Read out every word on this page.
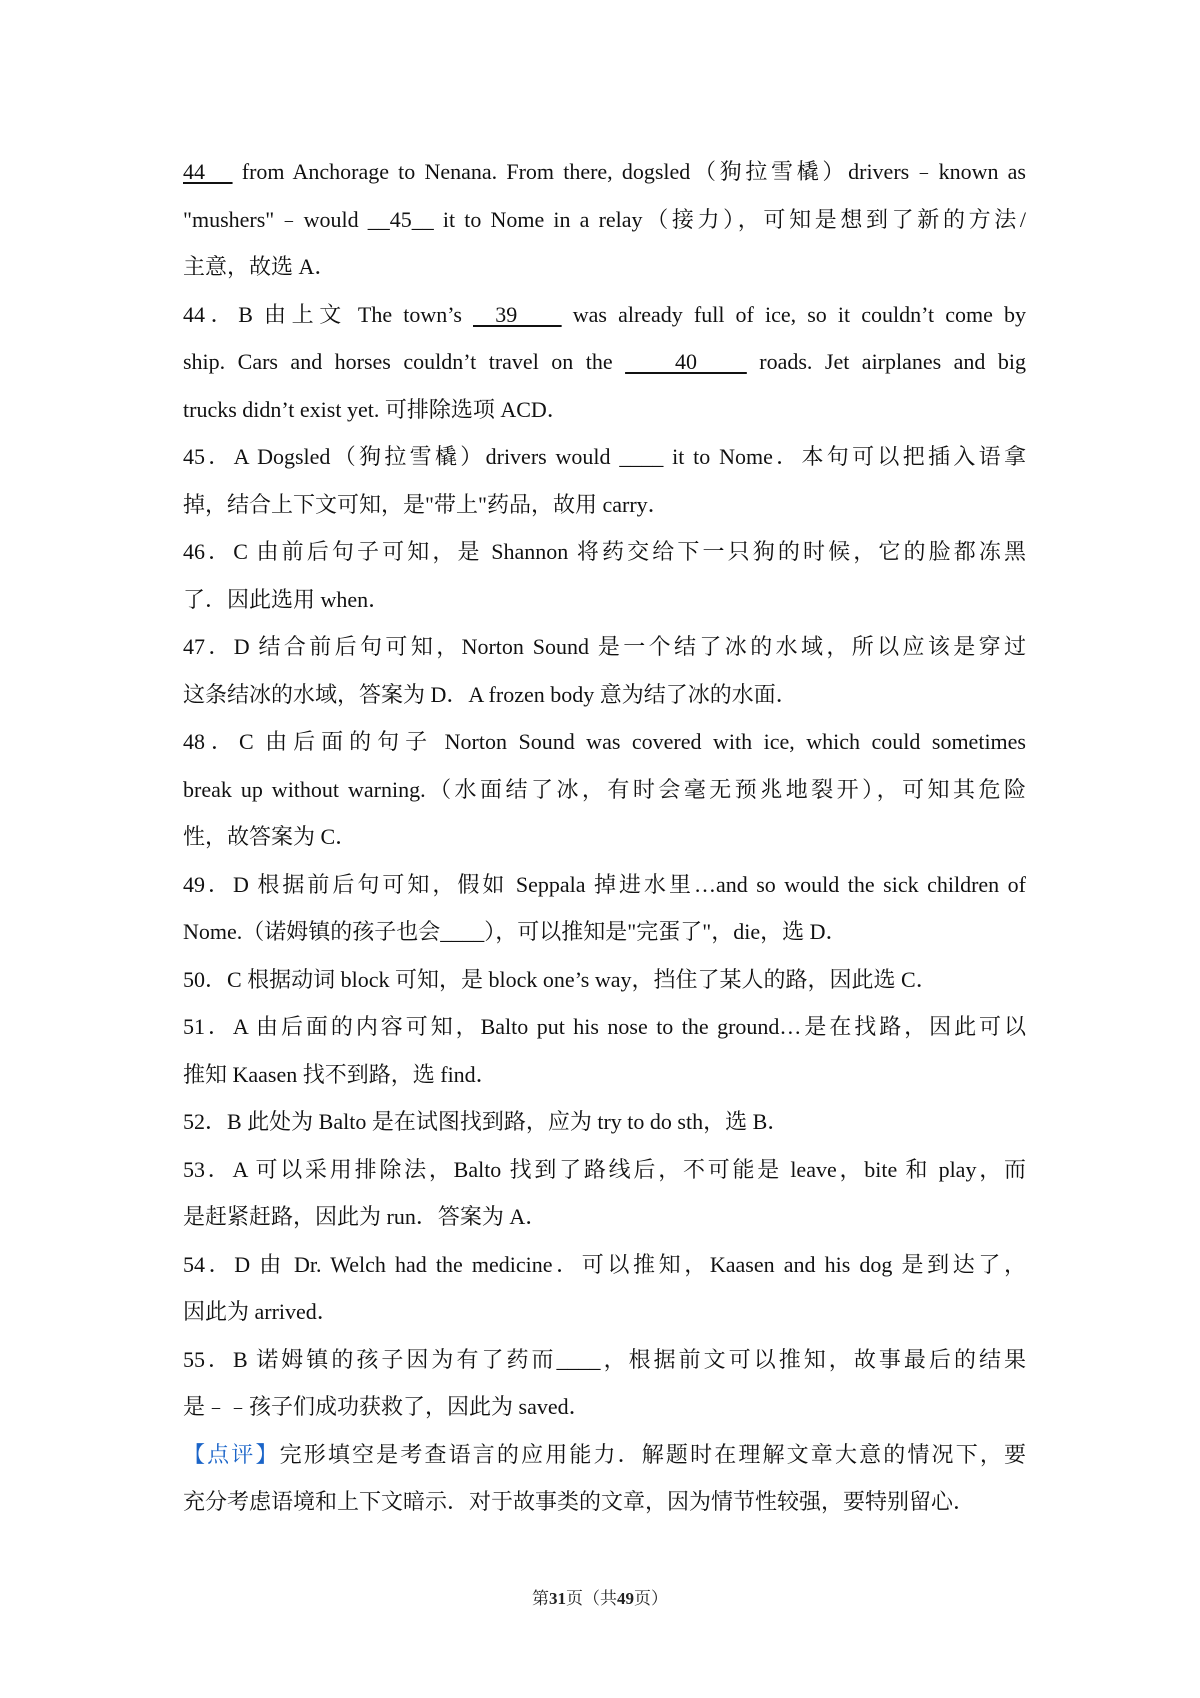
44    from Anchorage to Nenana. From there, dogsled（狗拉雪橇）drivers﹣known as
"mushers"﹣would __45__ it to Nome in a relay（接力），可知是想到了新的方法/
主意，故选 A．
44．B 由上文 The town’s   39     was already full of ice, so it couldn’t come by
ship. Cars and horses couldn’t travel on the     40     roads. Jet airplanes and big
trucks didn’t exist yet. 可排除选项 ACD．
45．A Dogsled（狗拉雪橇）drivers would ____ it to Nome．本句可以把插入语拿
掉，结合上下文可知，是"带上"药品，故用 carry．
46．C 由前后句子可知，是 Shannon 将药交给下一只狗的时候，它的脸都冻黑
了．因此选用 when．
47．D 结合前后句可知，Norton Sound 是一个结了冰的水域，所以应该是穿过
这条结冰的水域，答案为 D．A frozen body 意为结了冰的水面．
48．C 由后面的句子 Norton Sound was covered with ice, which could sometimes
break up without warning.（水面结了冰，有时会毫无预兆地裂开），可知其危险
性，故答案为 C．
49．D 根据前后句可知，假如 Seppala 掉进水里…and so would the sick children of
Nome.（诺姆镇的孩子也会____），可以推知是"完蛋了"，die，选 D．
50．C 根据动词 block 可知，是 block one’s way，挡住了某人的路，因此选 C．
51．A 由后面的内容可知，Balto put his nose to the ground…是在找路，因此可以
推知 Kaasen 找不到路，选 find．
52．B 此处为 Balto 是在试图找到路，应为 try to do sth，选 B．
53．A 可以采用排除法，Balto 找到了路线后，不可能是 leave，bite 和 play，而
是赶紧赶路，因此为 run．答案为 A．
54．D 由 Dr. Welch had the medicine．可以推知，Kaasen and his dog 是到达了，
因此为 arrived．
55．B 诺姆镇的孩子因为有了药而____，根据前文可以推知，故事最后的结果
是﹣﹣孩子们成功获救了，因此为 saved．
【点评】完形填空是考查语言的应用能力．解题时在理解文章大意的情况下，要
充分考虑语境和上下文暗示．对于故事类的文章，因为情节性较强，要特别留心．
第31页（共49页）
